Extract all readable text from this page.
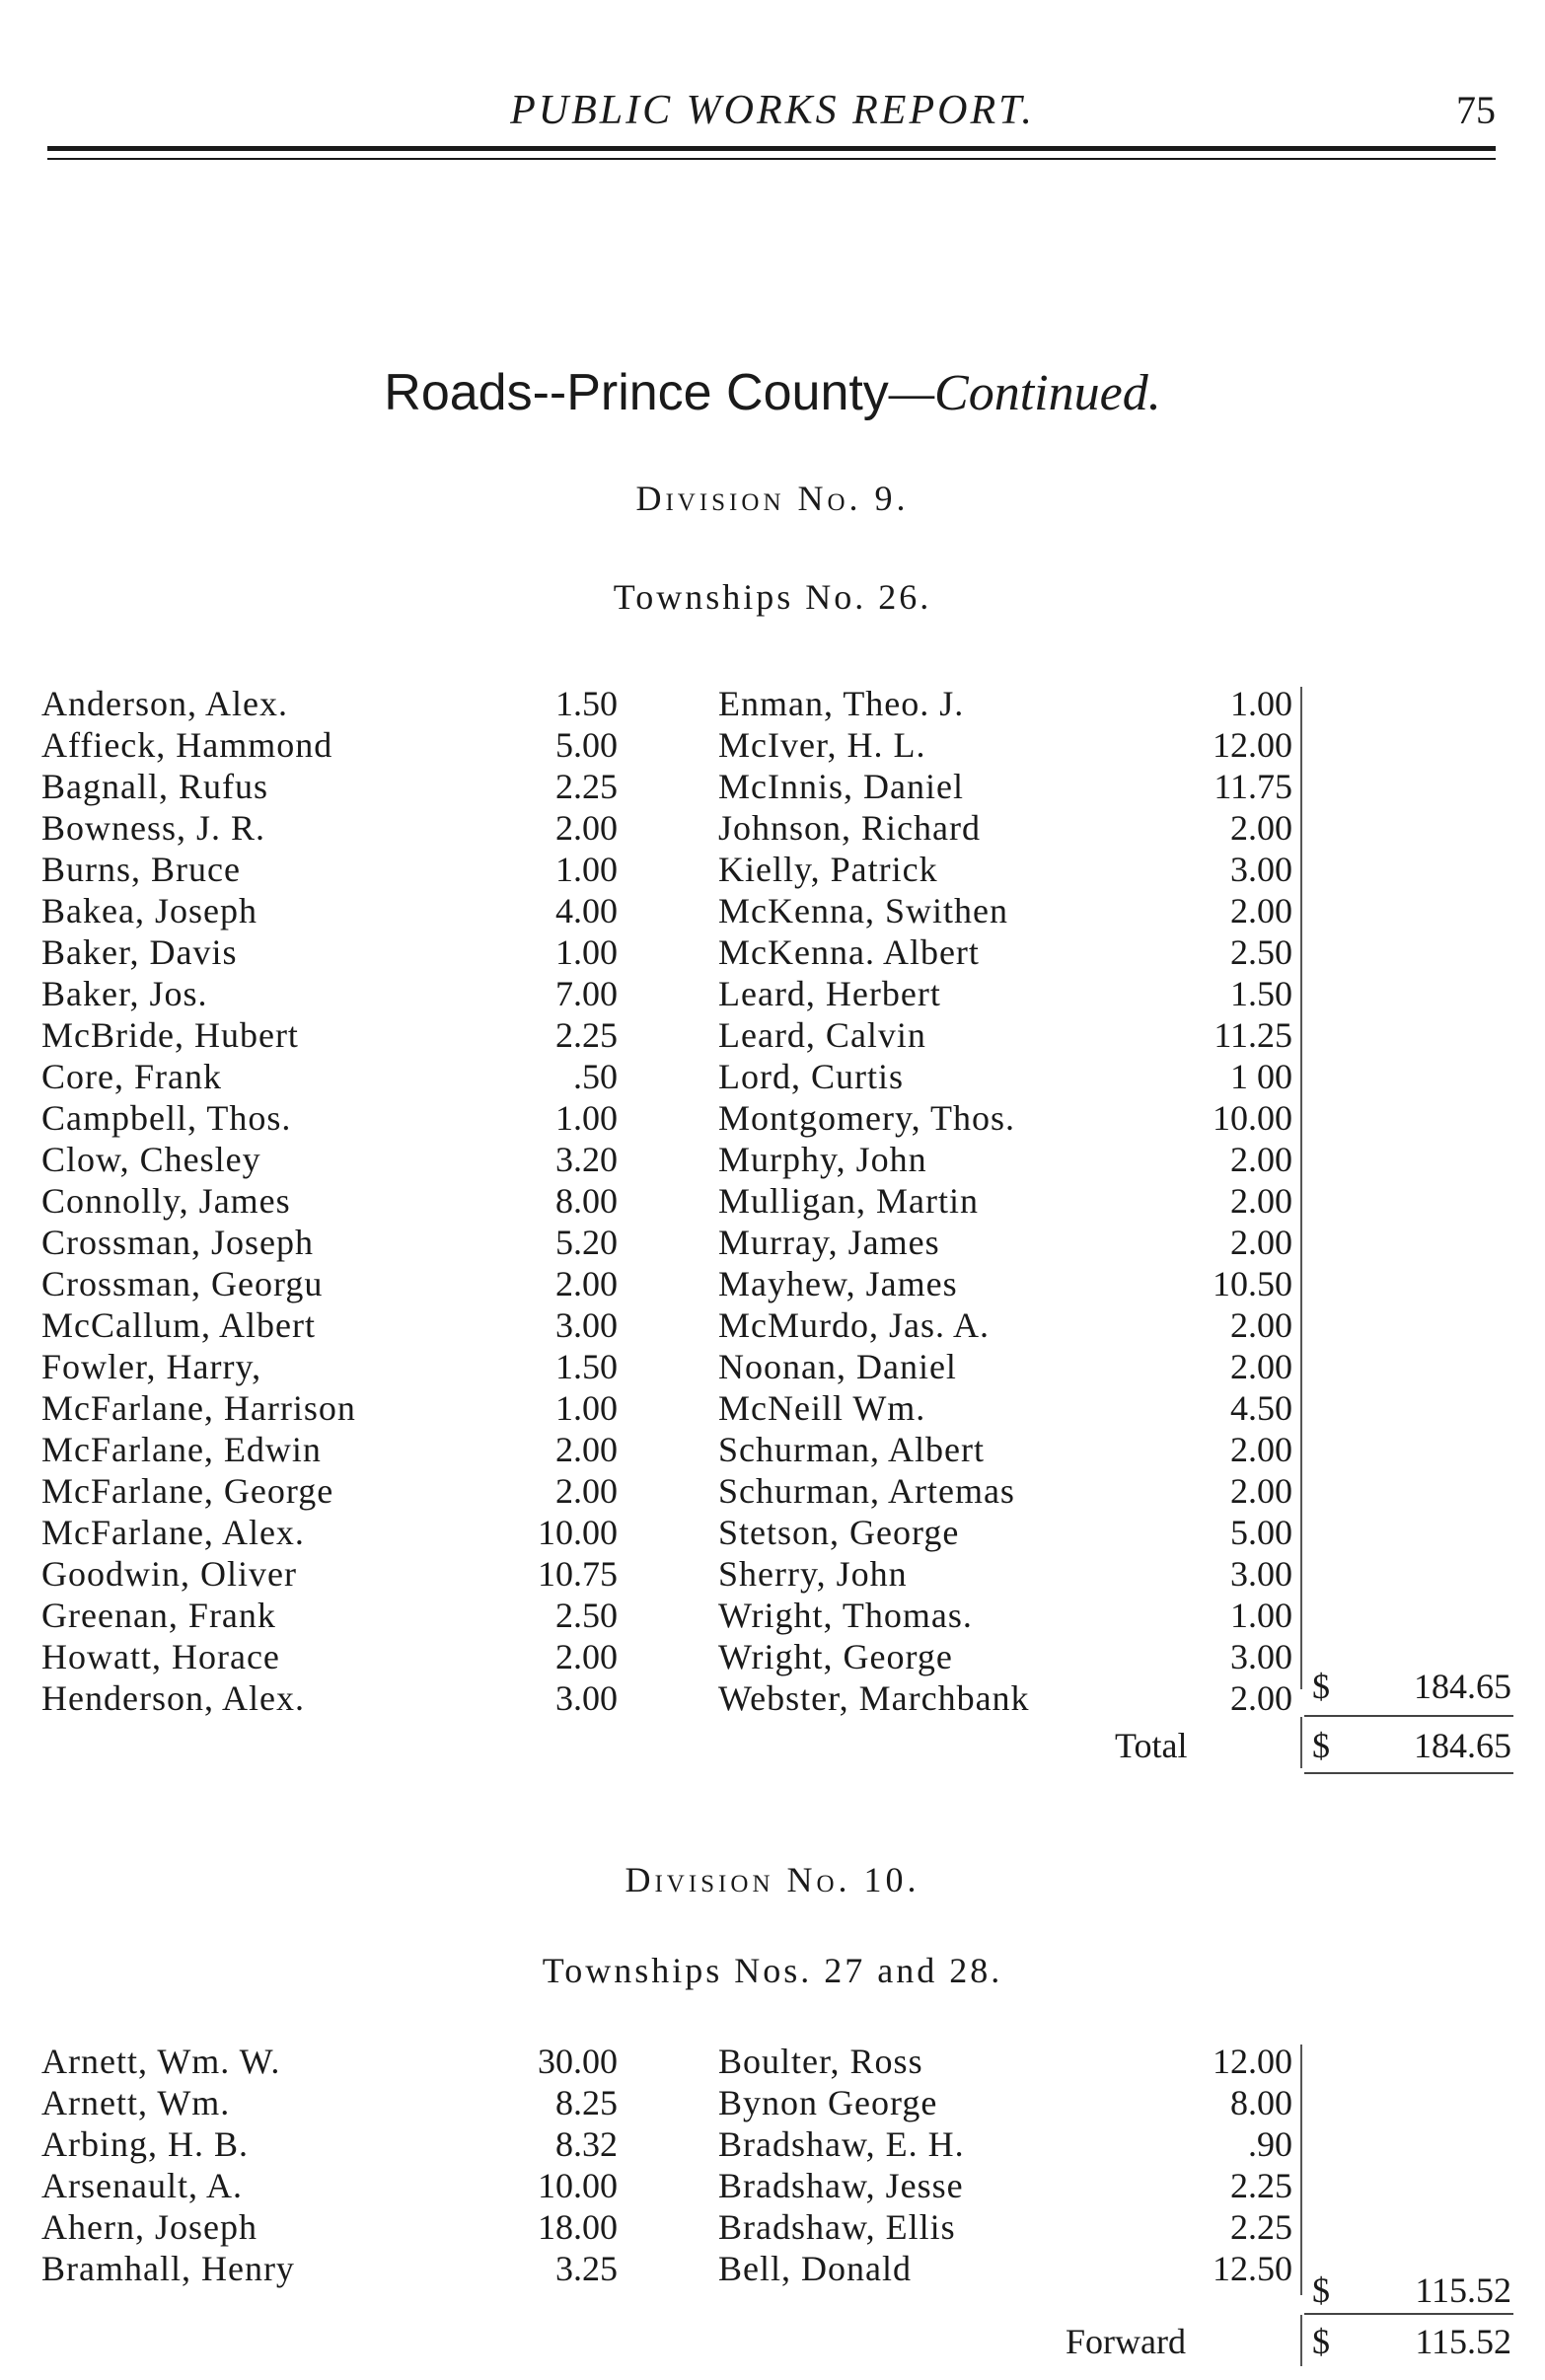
PUBLIC WORKS REPORT.	75
Roads--Prince County—Continued.
Division No. 9.
Townships No. 26.
Anderson, Alex.	1.50	Enman, Theo. J.	1.00
Affieck, Hammond	5.00	McIver, H. L.	12.00
Bagnall, Rufus	2.25	McInnis, Daniel	11.75
Bowness, J. R.	2.00	Johnson, Richard	2.00
Burns, Bruce	1.00	Kielly, Patrick	3.00
Bakea, Joseph	4.00	McKenna, Swithen	2.00
Baker, Davis	1.00	McKenna. Albert	2.50
Baker, Jos.	7.00	Leard, Herbert	1.50
McBride, Hubert	2.25	Leard, Calvin	11.25
Core, Frank	.50	Lord, Curtis	1 00
Campbell, Thos.	1.00	Montgomery, Thos.	10.00
Clow, Chesley	3.20	Murphy, John	2.00
Connolly, James	8.00	Mulligan, Martin	2.00
Crossman, Joseph	5.20	Murray, James	2.00
Crossman, Georgu	2.00	Mayhew, James	10.50
McCallum, Albert	3.00	McMurdo, Jas. A.	2.00
Fowler, Harry,	1.50	Noonan, Daniel	2.00
McFarlane, Harrison	1.00	McNeill Wm.	4.50
McFarlane, Edwin	2.00	Schurman, Albert	2.00
McFarlane, George	2.00	Schurman, Artemas	2.00
McFarlane, Alex.	10.00	Stetson, George	5.00
Goodwin, Oliver	10.75	Sherry, John	3.00
Greenan, Frank	2.50	Wright, Thomas.	1.00
Howatt, Horace	2.00	Wright, George	3.00
Henderson, Alex.	3.00	Webster, Marchbank	2.00 $ 184.65
Total	$ 184.65
Division No. 10.
Townships Nos. 27 and 28.
Arnett, Wm. W.	30.00	Boulter, Ross	12.00
Arnett, Wm.	8.25	Bynon George	8.00
Arbing, H. B.	8.32	Bradshaw, E. H.	.90
Arsenault, A.	10.00	Bradshaw, Jesse	2.25
Ahern, Joseph	18.00	Bradshaw, Ellis	2.25
Bramhall, Henry	3.25	Bell, Donald	12.50
$ 115.52
Forward	$ 115.52
